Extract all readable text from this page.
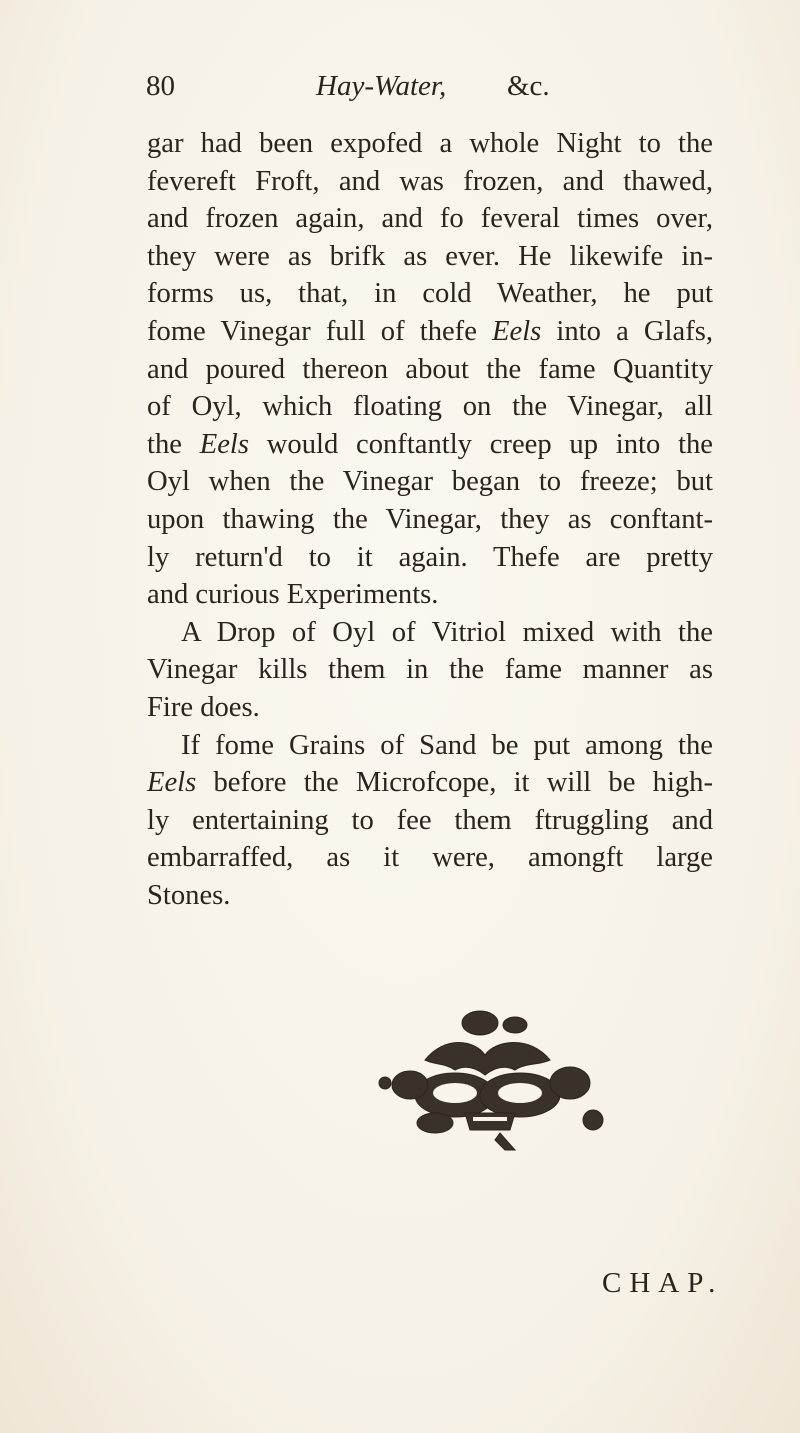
80	Hay-Water, &c.
gar had been expofed a whole Night to the
fevereft Froft, and was frozen, and thawed,
and frozen again, and fo feveral times over,
they were as brifk as ever. He likewife in-
forms us, that, in cold Weather, he put
fome Vinegar full of thefe Eels into a Glafs,
and poured thereon about the fame Quantity
of Oyl, which floating on the Vinegar, all
the Eels would conftantly creep up into the
Oyl when the Vinegar began to freeze; but
upon thawing the Vinegar, they as conftant-
ly return'd to it again. Thefe are pretty
and curious Experiments.
A Drop of Oyl of Vitriol mixed with the
Vinegar kills them in the fame manner as
Fire does.
If fome Grains of Sand be put among the
Eels before the Microfcope, it will be high-
ly entertaining to fee them ftruggling and
embarraffed, as it were, amongft large
Stones.
CHAP.
